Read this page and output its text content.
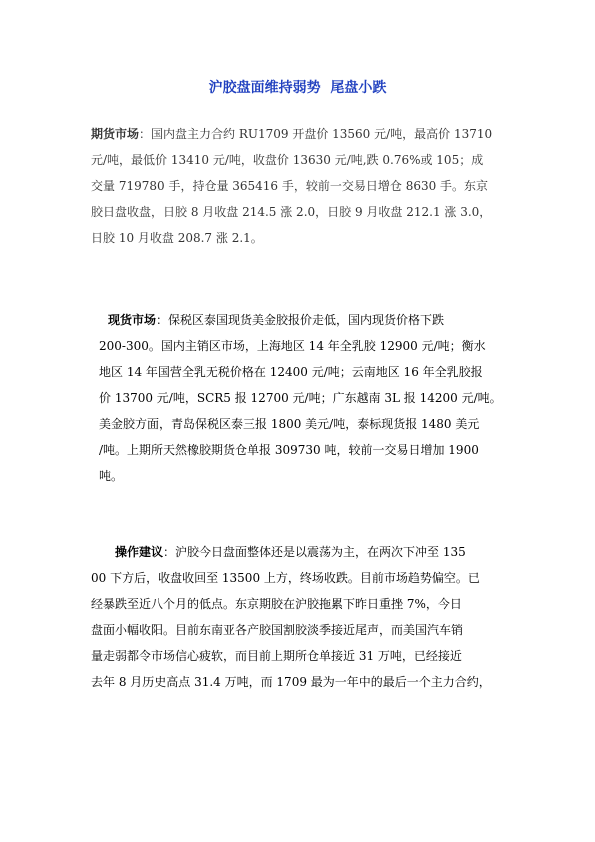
沪胶盘面维持弱势  尾盘小跌
期货市场：国内盘主力合约 RU1709 开盘价 13560 元/吨，最高价 13710
元/吨，最低价 13410 元/吨，收盘价 13630 元/吨,跌 0.76%或 105；成
交量 719780 手，持仓量 365416 手，较前一交易日增仓 8630 手。东京
胶日盘收盘，日胶 8 月收盘 214.5 涨 2.0，日胶 9 月收盘 212.1 涨 3.0，
日胶 10 月收盘 208.7 涨 2.1。
现货市场：保税区泰国现货美金胶报价走低，国内现货价格下跌
200-300。国内主销区市场，上海地区 14 年全乳胶 12900 元/吨；衡水
地区 14 年国营全乳无税价格在 12400 元/吨；云南地区 16 年全乳胶报
价 13700 元/吨，SCR5 报 12700 元/吨；广东越南 3L 报 14200 元/吨。
美金胶方面，青岛保税区泰三报 1800 美元/吨，泰标现货报 1480 美元
/吨。上期所天然橡胶期货仓单报 309730 吨，较前一交易日增加 1900
吨。
操作建议：沪胶今日盘面整体还是以震荡为主，在两次下冲至 135
00 下方后，收盘收回至 13500 上方，终场收跌。目前市场趋势偏空。已
经暴跌至近八个月的低点。东京期胶在沪胶拖累下昨日重挫 7%，今日
盘面小幅收阳。目前东南亚各产胶国割胶淡季接近尾声，而美国汽车销
量走弱都令市场信心疲软，而目前上期所仓单接近 31 万吨，已经接近
去年 8 月历史高点 31.4 万吨，而 1709 最为一年中的最后一个主力合约，
